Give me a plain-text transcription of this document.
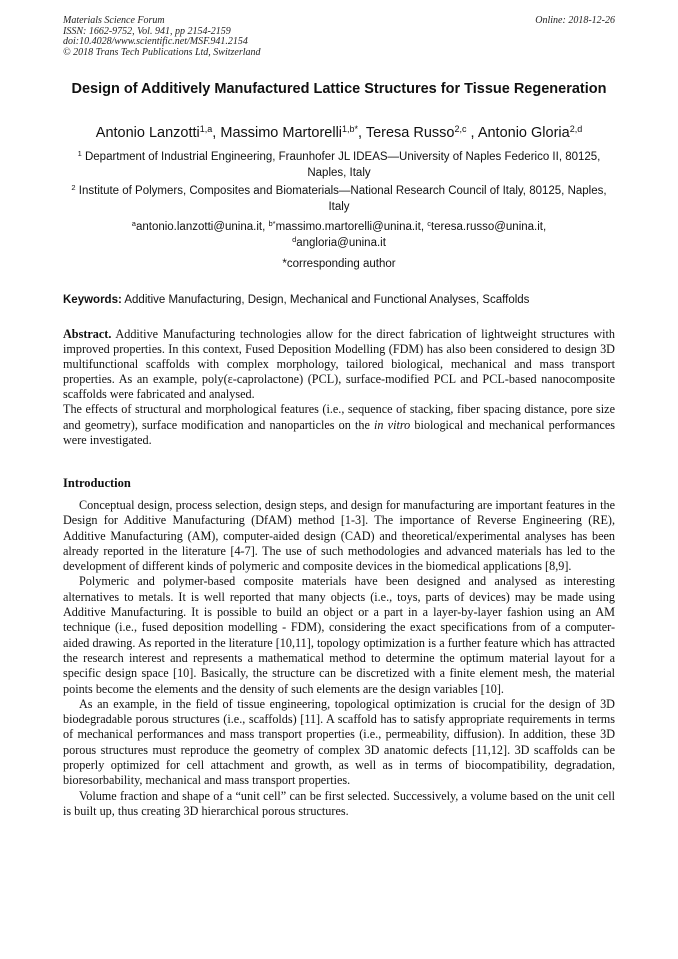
Materials Science Forum
ISSN: 1662-9752, Vol. 941, pp 2154-2159
doi:10.4028/www.scientific.net/MSF.941.2154
© 2018 Trans Tech Publications Ltd, Switzerland
Online: 2018-12-26
Design of Additively Manufactured Lattice Structures for Tissue Regeneration
Antonio Lanzotti$^{1,a}$, Massimo Martorelli$^{1,b*}$, Teresa Russo$^{2,c}$ , Antonio Gloria$^{2,d}$
$^1$ Department of Industrial Engineering, Fraunhofer JL IDEAS—University of Naples Federico II, 80125, Naples, Italy
$^2$ Institute of Polymers, Composites and Biomaterials—National Research Council of Italy, 80125, Naples, Italy
$^a$antonio.lanzotti@unina.it, $^{b*}$massimo.martorelli@unina.it, $^c$teresa.russo@unina.it,
$^d$angloria@unina.it
*corresponding author
Keywords: Additive Manufacturing, Design, Mechanical and Functional Analyses, Scaffolds

Abstract. Additive Manufacturing technologies allow for the direct fabrication of lightweight structures with improved properties. In this context, Fused Deposition Modelling (FDM) has also been considered to design 3D multifunctional scaffolds with complex morphology, tailored biological, mechanical and mass transport properties. As an example, poly(ε-caprolactone) (PCL), surface-modified PCL and PCL-based nanocomposite scaffolds were fabricated and analysed.

The effects of structural and morphological features (i.e., sequence of stacking, fiber spacing distance, pore size and geometry), surface modification and nanoparticles on the in vitro biological and mechanical performances were investigated.

Introduction

Conceptual design, process selection, design steps, and design for manufacturing are important features in the Design for Additive Manufacturing (DfAM) method [1-3]. The importance of Reverse Engineering (RE), Additive Manufacturing (AM), computer-aided design (CAD) and theoretical/experimental analyses has been already reported in the literature [4-7]. The use of such methodologies and advanced materials has led to the development of different kinds of polymeric and composite devices in the biomedical applications [8,9].

Polymeric and polymer-based composite materials have been designed and analysed as interesting alternatives to metals. It is well reported that many objects (i.e., toys, parts of devices) may be made using Additive Manufacturing. It is possible to build an object or a part in a layer-by-layer fashion using an AM technique (i.e., fused deposition modelling - FDM), considering the exact specifications from of a computer-aided drawing. As reported in the literature [10,11], topology optimization is a further feature which has attracted the research interest and represents a mathematical method to determine the optimum material layout for a specific design space [10]. Basically, the structure can be discretized with a finite element mesh, the material points become the elements and the density of such elements are the design variables [10].

As an example, in the field of tissue engineering, topological optimization is crucial for the design of 3D biodegradable porous structures (i.e., scaffolds) [11]. A scaffold has to satisfy appropriate requirements in terms of mechanical performances and mass transport properties (i.e., permeability, diffusion). In addition, these 3D porous structures must reproduce the geometry of complex 3D anatomic defects [11,12]. 3D scaffolds can be properly optimized for cell attachment and growth, as well as in terms of biocompatibility, degradation, bioresorbability, mechanical and mass transport properties.

Volume fraction and shape of a “unit cell” can be first selected. Successively, a volume based on the unit cell is built up, thus creating 3D hierarchical porous structures.
